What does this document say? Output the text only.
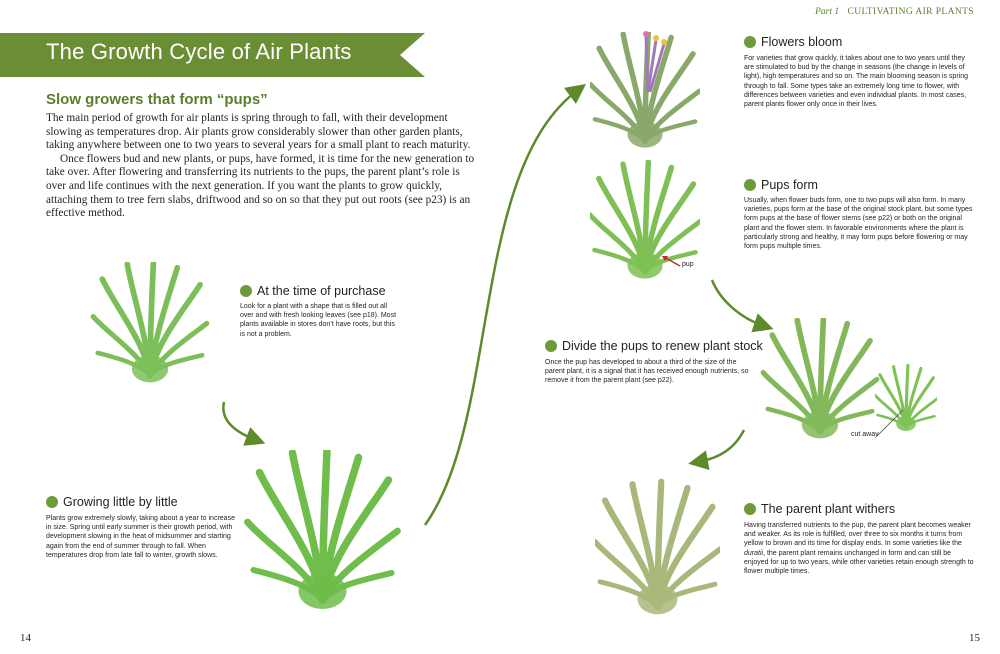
Part 1 CULTIVATING AIR PLANTS
The Growth Cycle of Air Plants
Slow growers that form “pups”

The main period of growth for air plants is spring through to fall, with their development slowing as temperatures drop. Air plants grow considerably slower than other garden plants, taking anywhere between one to two years to several years for a small plant to reach maturity.

Once flowers bud and new plants, or pups, have formed, it is time for the new generation to take over. After flowering and transferring its nutrients to the pups, the parent plant’s role is over and life continues with the next generation. If you want the plants to grow quickly, attaching them to tree fern slabs, driftwood and so on so that they put out roots (see p23) is an effective method.

pup
cut away
At the time of purchase
Look for a plant with a shape that is filled out all over and with fresh looking leaves (see p18). Most plants available in stores don’t have roots, but this is not a problem.
Growing little by little
Plants grow extremely slowly, taking about a year to increase in size. Spring until early summer is their growth period, with development slowing in the heat of midsummer and starting again from the end of summer through to fall. When temperatures drop from late fall to winter, growth slows.
Flowers bloom
For varieties that grow quickly, it takes about one to two years until they are stimulated to bud by the change in seasons (the change in levels of light), high temperatures and so on. The main blooming season is spring through to fall. Some types take an extremely long time to flower, with differences between varieties and even individual plants. In most cases, parent plants flower only once in their lives.
Pups form
Usually, when flower buds form, one to two pups will also form. In many varieties, pups form at the base of the original stock plant, but some types form pups at the base of flower stems (see p22) or both on the original plant and the flower stem. In favorable environments where the plant is particularly strong and healthy, it may form pups before flowering or may form pups multiple times.
Divide the pups to renew plant stock
Once the pup has developed to about a third of the size of the parent plant, it is a signal that it has received enough nutrients, so remove it from the parent plant (see p22).
The parent plant withers
Having transferred nutrients to the pup, the parent plant becomes weaker and weaker. As its role is fulfilled, over three to six months it turns from yellow to brown and its time for display ends. In some varieties like the duratii, the parent plant remains unchanged in form and can still be enjoyed for up to two years, while other varieties retain enough strength to flower multiple times.
14	15
